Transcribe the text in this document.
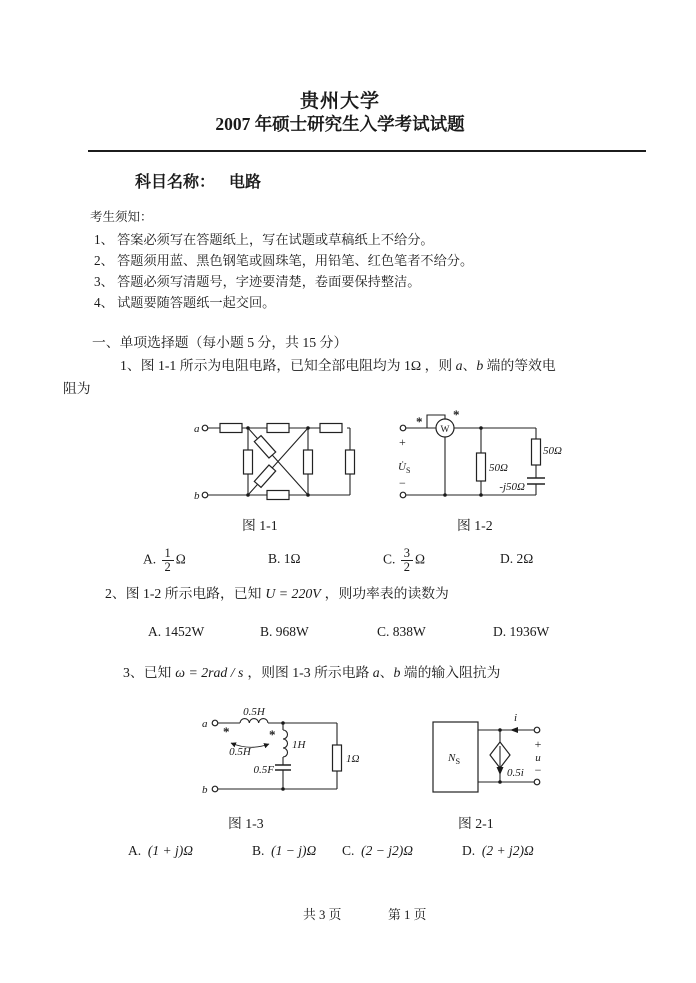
贵州大学
2007 年硕士研究生入学考试试题
科目名称： 电路
考生须知：
1、 答案必须写在答题纸上，写在试题或草稿纸上不给分。
2、 答题须用蓝、黑色钢笔或圆珠笔，用铅笔、红色笔者不给分。
3、 答题必须写清题号，字迹要清楚，卷面要保持整洁。
4、 试题要随答题纸一起交回。
一、单项选择题（每小题 5 分，共 15 分）
1、图 1-1 所示为电阻电路，已知全部电阻均为 1Ω ，则 a、b 端的等效电
阻为
a
b
图 1-1
W
* *
50Ω
50Ω
-j50Ω
+
$U̇_S$
−
图 1-2
A. $\frac{1}{2}$ Ω	B. 1Ω	C. $\frac{3}{2}$ Ω	D. 2Ω
2、图 1-2 所示电路，已知 U = 220V ，则功率表的读数为
A. 1452W	B. 968W	C. 838W	D. 1936W
3、已知 ω = 2rad / s ，则图 1-3 所示电路 a、b 端的输入阻抗为
0.5H
*	*
0.5H
1H
0.5F
1Ω
a
b
图 1-3
$N_S$
i
0.5i
+
u
−
图 2-1
A. (1 + j)Ω	B. (1 − j)Ω C. (2 − j2)Ω	D. (2 + j2)Ω
共 3 页	第 1 页
